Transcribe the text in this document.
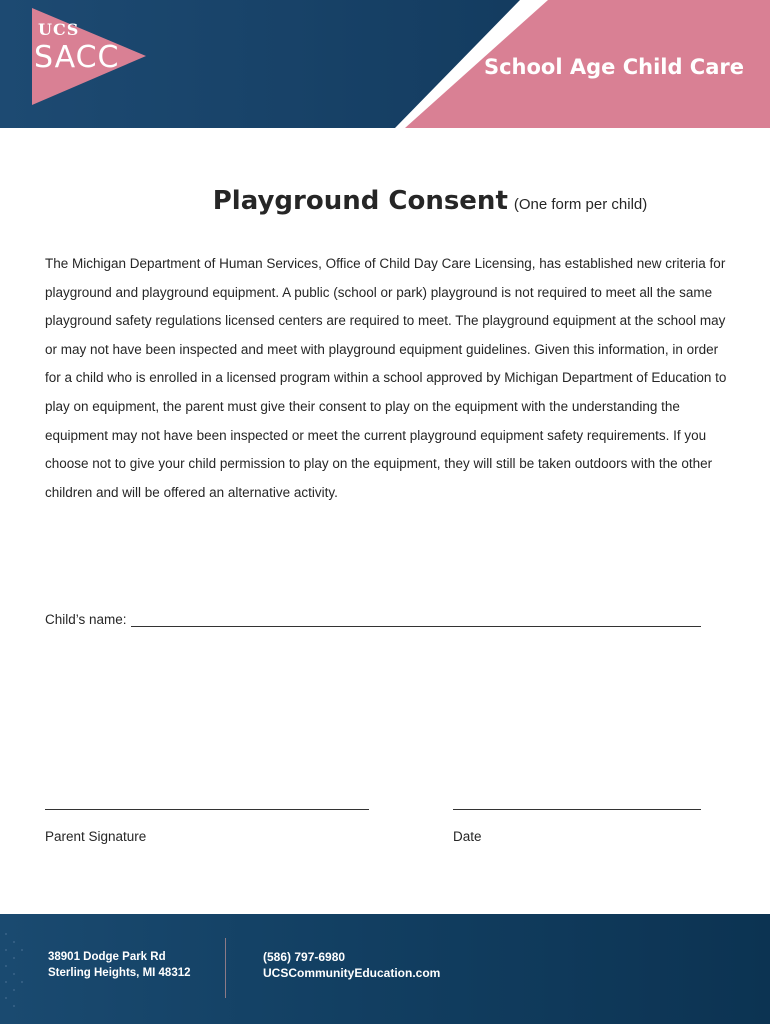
UCS
SACC	School Age Child Care
Playground Consent (One form per child)
The Michigan Department of Human Services, Office of Child Day Care Licensing, has established new criteria for playground and playground equipment. A public (school or park) playground is not required to meet all the same playground safety regulations licensed centers are required to meet. The playground equipment at the school may or may not have been inspected and meet with playground equipment guidelines. Given this information, in order for a child who is enrolled in a licensed program within a school approved by Michigan Department of Education to play on equipment, the parent must give their consent to play on the equipment with the understanding the equipment may not have been inspected or meet the current playground equipment safety requirements. If you choose not to give your child permission to play on the equipment, they will still be taken outdoors with the other children and will be offered an alternative activity.
Child’s name:
Parent Signature	Date
38901 Dodge Park Rd
Sterling Heights, MI 48312
(586) 797-6980
UCSCommunityEducation.com
